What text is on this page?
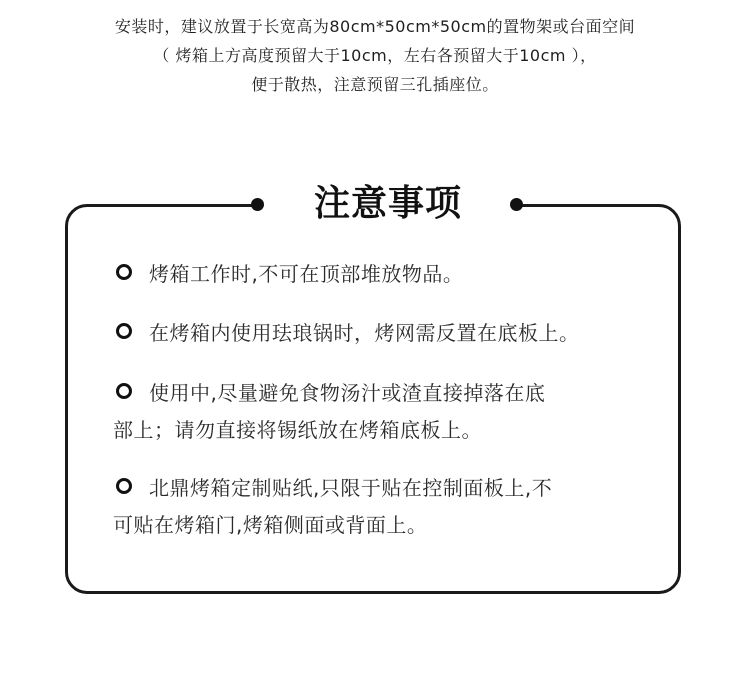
安装时，建议放置于长宽高为80cm*50cm*50cm的置物架或台面空间
（ 烤箱上方高度预留大于10cm，左右各预留大于10cm ），
便于散热，注意预留三孔插座位。
注意事项
烤箱工作时,不可在顶部堆放物品。
在烤箱内使用珐琅锅时，烤网需反置在底板上。
使用中,尽量避免食物汤汁或渣直接掉落在底
部上；请勿直接将锡纸放在烤箱底板上。
北鼎烤箱定制贴纸,只限于贴在控制面板上,不
可贴在烤箱门,烤箱侧面或背面上。
